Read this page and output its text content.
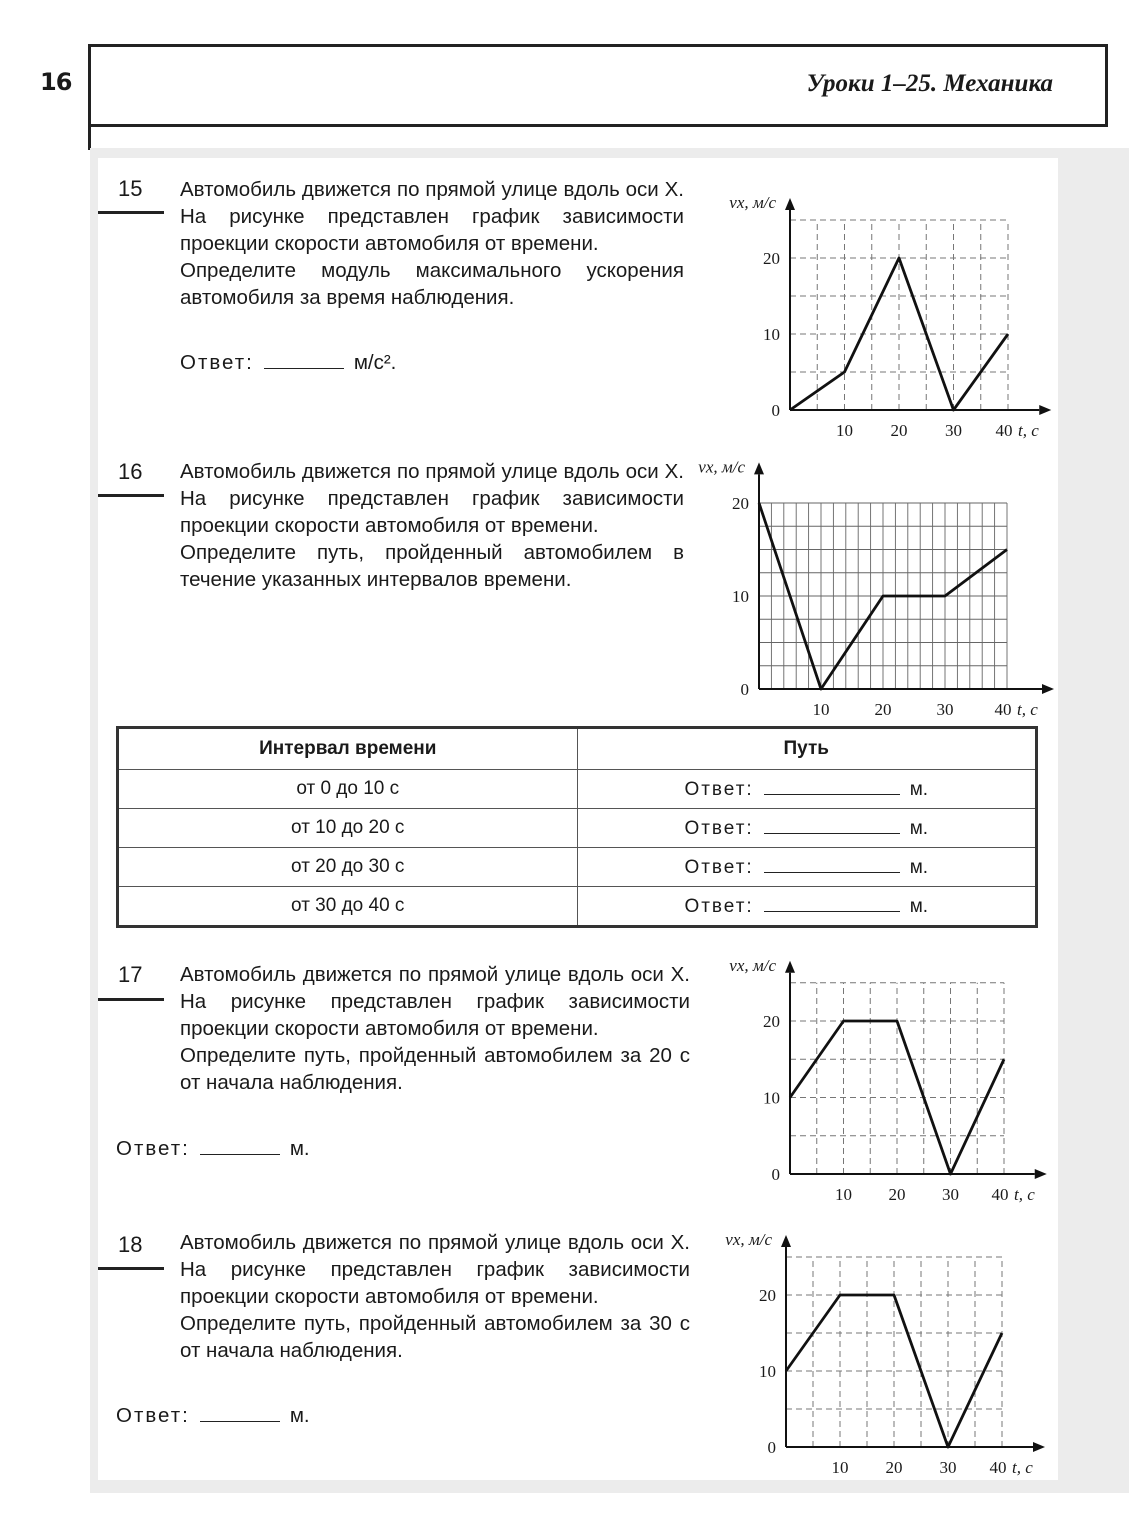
16	Уроки 1–25. Механика
15 Автомобиль движется по прямой улице вдоль оси X. На рисунке представлен график зависимости проекции скорости автомобиля от времени.

Определите модуль максимального ускорения автомобиля за время наблюдения.

Ответ:	м/с².
0
10
20
10 20 30 40 t, с
vx, м/с
16 Автомобиль движется по прямой улице вдоль оси X. На рисунке представлен график зависимости проекции скорости автомобиля от времени.

Определите путь, пройденный автомобилем в течение указанных интервалов времени.

0
10
20
10	20	30 40 t, с
vx, м/с
Интервал времени	Путь
от 0 до 10 с	Ответ: м.
от 10 до 20 с	Ответ: м.
от 20 до 30 с	Ответ: м.
от 30 до 40 с	Ответ: м.
17 Автомобиль движется по прямой улице вдоль оси X. На рисунке представлен график зависимости проекции скорости автомобиля от времени.

Определите путь, пройденный автомобилем за 20 с от начала наблюдения.

Ответ:	м.
0
10
20
10 20 30 40 t, с
vx, м/с
18 Автомобиль движется по прямой улице вдоль оси X. На рисунке представлен график зависимости проекции скорости автомобиля от времени.

Определите путь, пройденный автомобилем за 30 с от начала наблюдения.

Ответ:	м.
0
10
20
10 20 30 40 t, с
vx, м/с
